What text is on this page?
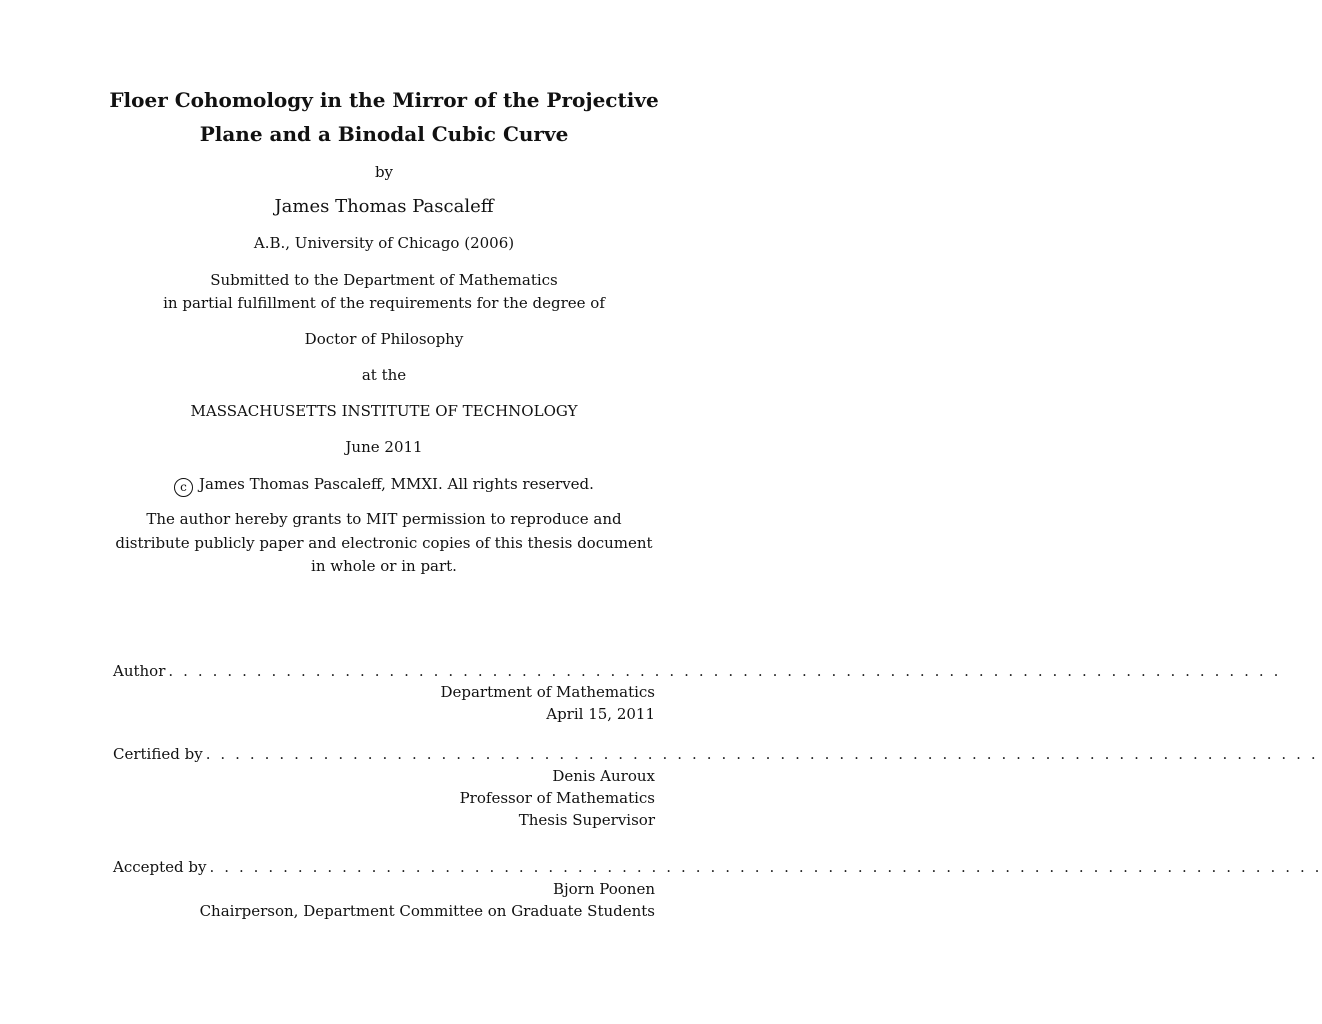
Floer Cohomology in the Mirror of the Projective
Plane and a Binodal Cubic Curve
by
James Thomas Pascaleff
A.B., University of Chicago (2006)
Submitted to the Department of Mathematics
in partial fulfillment of the requirements for the degree of
Doctor of Philosophy
at the
MASSACHUSETTS INSTITUTE OF TECHNOLOGY
June 2011
c James Thomas Pascaleff, MMXI. All rights reserved.
The author hereby grants to MIT permission to reproduce and
distribute publicly paper and electronic copies of this thesis document
in whole or in part.
Author . . . . . . . . . . . . . . . . . . . . . . . . . . . . . . . . . . . . . . . . . . . . . . . . . . . . . . . . . . . . . . . . . . . . . . . . . . . .
Department of Mathematics
April 15, 2011
Certified by . . . . . . . . . . . . . . . . . . . . . . . . . . . . . . . . . . . . . . . . . . . . . . . . . . . . . . . . . . . . . . . . . . . . . . . . . . . .
Denis Auroux
Professor of Mathematics
Thesis Supervisor
Accepted by . . . . . . . . . . . . . . . . . . . . . . . . . . . . . . . . . . . . . . . . . . . . . . . . . . . . . . . . . . . . . . . . . . . . . . . . . . . .
Bjorn Poonen
Chairperson, Department Committee on Graduate Students
